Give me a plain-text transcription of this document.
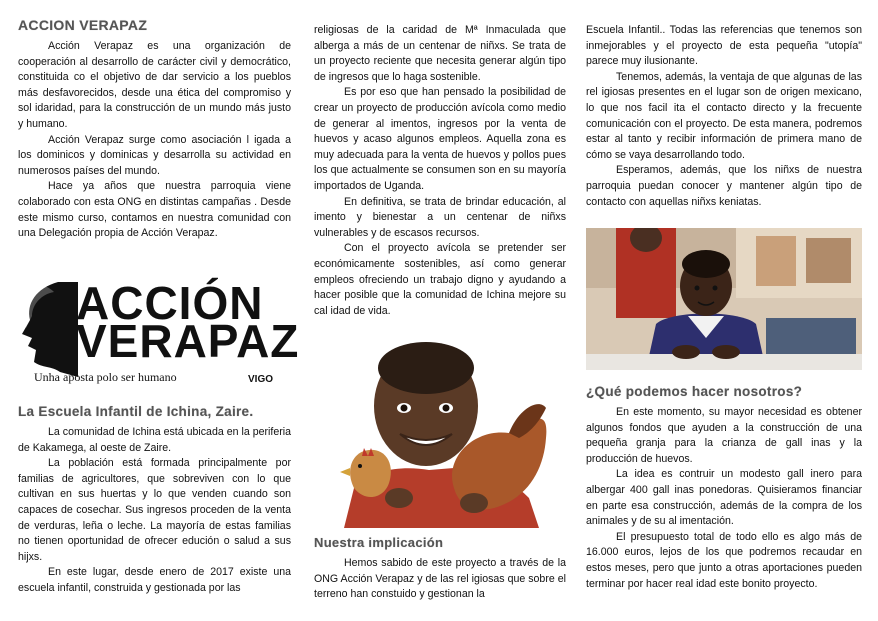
ACCION VERAPAZ

Acción Verapaz es una organización de cooperación al desarrollo de carácter civil y democrático, constituida co el objetivo de dar servicio a los pueblos más desfavorecidos, desde una ética del compromiso y sol idaridad, para la construcción de un mundo más justo y humano.

Acción Verapaz surge como asociación l igada a los dominicos y dominicas y desarrolla su actividad en numerosos países del mundo.

Hace ya años que nuestra parroquia viene colaborado con esta ONG en distintas campañas . Desde este mismo curso, contamos en nuestra comunidad con una Delegación propia de Acción Verapaz.

ACCIÓN
VERAPAZ
Unha aposta polo ser humano	VIGO
La Escuela Infantil de Ichina, Zaire.

La comunidad de Ichina está ubicada en la periferia de Kakamega, al oeste de Zaire.

La población está formada principalmente por familias de agricultores, que sobreviven con lo que cultivan en sus huertas y lo que venden cuando son capaces de cosechar. Sus ingresos proceden de la venta de verduras, leña o leche. La mayoría de estas familias no tienen oportunidad de ofrecer edución o salud a sus hijxs.

En este lugar, desde enero de 2017 existe una escuela infantil, construida y gestionada por las

religiosas de la caridad de Mª Inmaculada que alberga a más de un centenar de niñxs. Se trata de un proyecto reciente que necesita generar algún tipo de ingresos que lo haga sostenible.

Es por eso que han pensado la posibilidad de crear un proyecto de producción avícola como medio de generar al imentos, ingresos por la venta de huevos y acaso algunos empleos. Aquella zona es muy adecuada para la venta de huevos y pollos pues los que actualmente se consumen son en su mayoría importados de Uganda.

En definitiva, se trata de brindar educación, al imento y bienestar a un centenar de niñxs vulnerables y de escasos recursos.

Con el proyecto avícola se pretender ser económicamente sostenibles, así como generar empleos ofreciendo un trabajo digno y ayudando a hacer posible que la comunidad de Ichina mejore su cal idad de vida.

Nuestra implicación

Hemos sabido de este proyecto a través de la ONG Acción Verapaz y de las rel igiosas que sobre el terreno han constuido y gestionan la

Escuela Infantil.. Todas las referencias que tenemos son inmejorables y el proyecto de esta pequeña "utopía" parece muy ilusionante.

Tenemos, además, la ventaja de que algunas de las rel igiosas presentes en el lugar son de origen mexicano, lo que nos facil ita el contacto directo y la frecuente comunicación con el proyecto. De esta manera, podremos estar al tanto y recibir información de primera mano de cómo se vaya desarrollando todo.

Esperamos, además, que los niñxs de nuestra parroquia puedan conocer y mantener algún tipo de contacto con aquellas niñxs keniatas.

¿Qué podemos hacer nosotros?

En este momento, su mayor necesidad es obtener algunos fondos que ayuden a la construcción de una pequeña granja para la crianza de gall inas y la producción de huevos.

La idea es contruir un modesto gall inero para albergar 400 gall inas ponedoras. Quisieramos financiar en parte esa construcción, además de la compra de los animales y de su al imentación.

El presupuesto total de todo ello es algo más de 16.000 euros, lejos de los que podremos recaudar en estos meses, pero que junto a otras aportaciones pueden terminar por hacer real idad este bonito proyecto.
